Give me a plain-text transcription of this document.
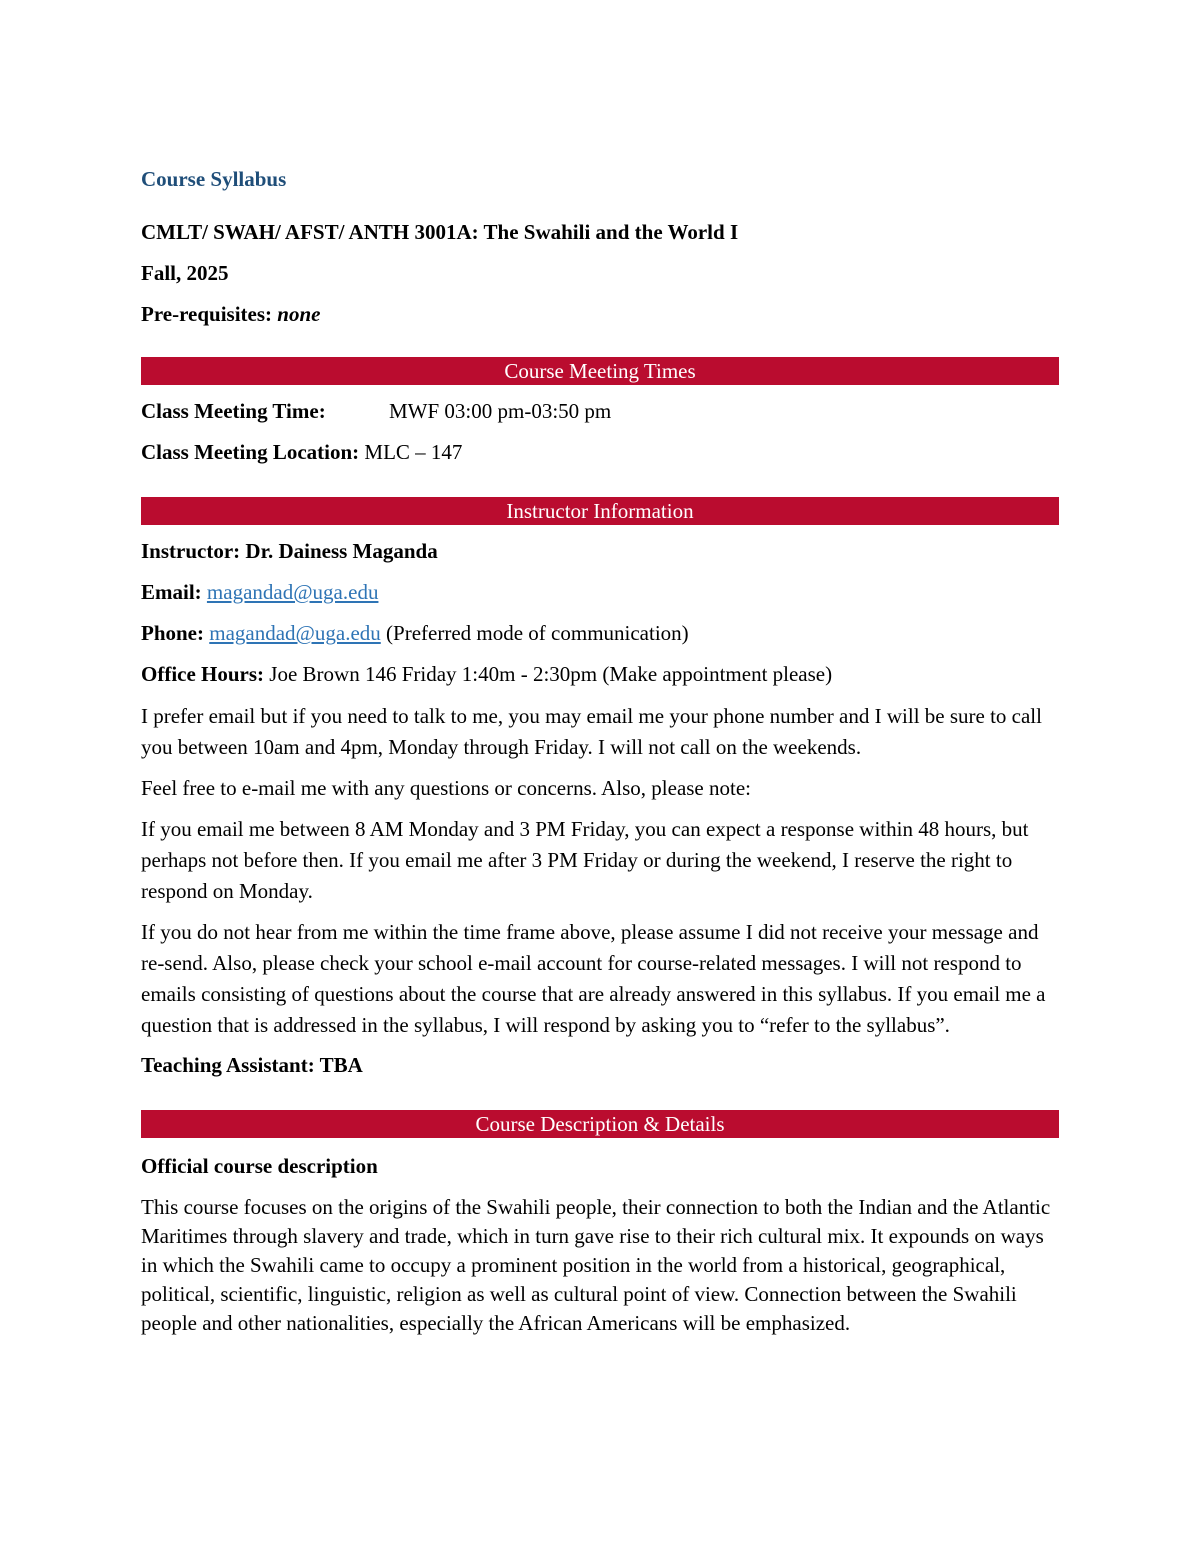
Course Syllabus
CMLT/ SWAH/ AFST/ ANTH 3001A: The Swahili and the World I
Fall, 2025
Pre-requisites: none
Course Meeting Times
Class Meeting Time:	MWF 03:00 pm-03:50 pm
Class Meeting Location: MLC – 147
Instructor Information
Instructor: Dr. Dainess Maganda
Email: magandad@uga.edu
Phone: magandad@uga.edu (Preferred mode of communication)
Office Hours: Joe Brown 146 Friday 1:40m - 2:30pm (Make appointment please)

I prefer email but if you need to talk to me, you may email me your phone number and I will be sure to call you between 10am and 4pm, Monday through Friday. I will not call on the weekends.

Feel free to e-mail me with any questions or concerns. Also, please note:

If you email me between 8 AM Monday and 3 PM Friday, you can expect a response within 48 hours, but perhaps not before then. If you email me after 3 PM Friday or during the weekend, I reserve the right to respond on Monday.

If you do not hear from me within the time frame above, please assume I did not receive your message and re-send. Also, please check your school e-mail account for course-related messages. I will not respond to emails consisting of questions about the course that are already answered in this syllabus. If you email me a question that is addressed in the syllabus, I will respond by asking you to “refer to the syllabus”.

Teaching Assistant: TBA
Course Description & Details
Official course description

This course focuses on the origins of the Swahili people, their connection to both the Indian and the Atlantic Maritimes through slavery and trade, which in turn gave rise to their rich cultural mix. It expounds on ways in which the Swahili came to occupy a prominent position in the world from a historical, geographical, political, scientific, linguistic, religion as well as cultural point of view. Connection between the Swahili people and other nationalities, especially the African Americans will be emphasized.
